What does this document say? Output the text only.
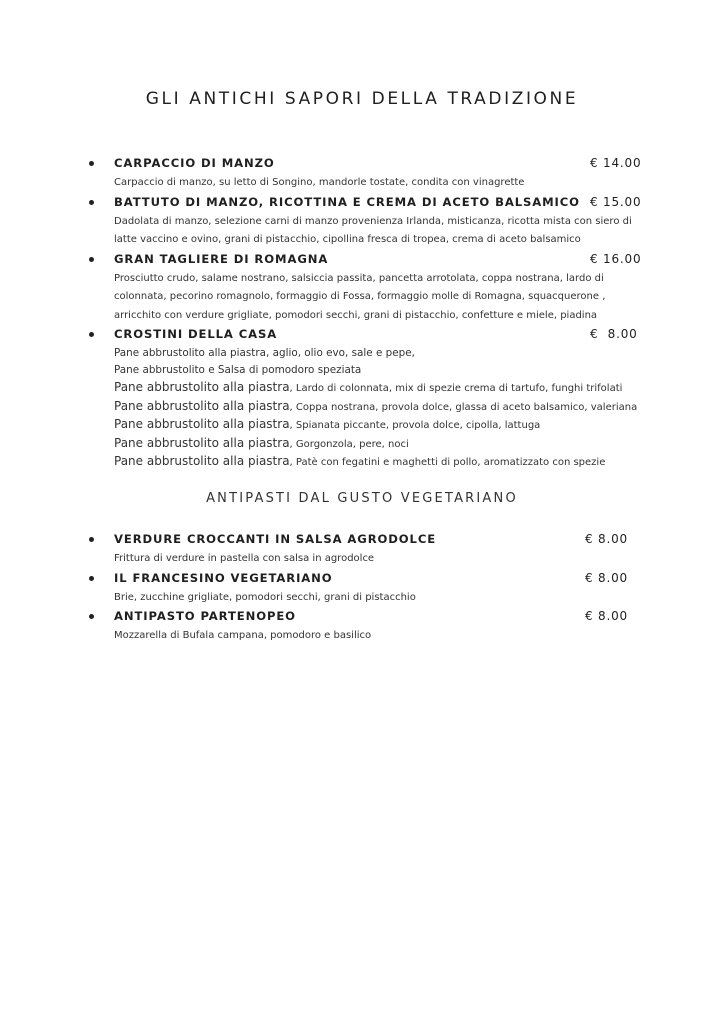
GLI ANTICHI SAPORI DELLA TRADIZIONE
CARPACCIO DI MANZO	€ 14.00
Carpaccio di manzo, su letto di Songino, mandorle tostate, condita con vinagrette
BATTUTO DI MANZO, RICOTTINA E CREMA DI ACETO BALSAMICO € 15.00
Dadolata di manzo, selezione carni di manzo provenienza Irlanda, misticanza, ricotta mista con siero di
latte vaccino e ovino, grani di pistacchio, cipollina fresca di tropea, crema di aceto balsamico
GRAN TAGLIERE DI ROMAGNA	€ 16.00
Prosciutto crudo, salame nostrano, salsiccia passita, pancetta arrotolata, coppa nostrana, lardo di
colonnata, pecorino romagnolo, formaggio di Fossa, formaggio molle di Romagna, squacquerone ,
arricchito con verdure grigliate, pomodori secchi, grani di pistacchio, confetture e miele, piadina
CROSTINI DELLA CASA	€  8.00
Pane abbrustolito alla piastra, aglio, olio evo, sale e pepe,
Pane abbrustolito e Salsa di pomodoro speziata
Pane abbrustolito alla piastra, Lardo di colonnata, mix di spezie crema di tartufo, funghi trifolati
Pane abbrustolito alla piastra, Coppa nostrana, provola dolce, glassa di aceto balsamico, valeriana
Pane abbrustolito alla piastra, Spianata piccante, provola dolce, cipolla, lattuga
Pane abbrustolito alla piastra, Gorgonzola, pere, noci
Pane abbrustolito alla piastra, Patè con fegatini e maghetti di pollo, aromatizzato con spezie
ANTIPASTI DAL GUSTO VEGETARIANO
VERDURE CROCCANTI IN SALSA AGRODOLCE	€ 8.00
Frittura di verdure in pastella con salsa in agrodolce
IL FRANCESINO VEGETARIANO	€ 8.00
Brie, zucchine grigliate, pomodori secchi, grani di pistacchio
ANTIPASTO PARTENOPEO	€ 8.00
Mozzarella di Bufala campana, pomodoro e basilico
